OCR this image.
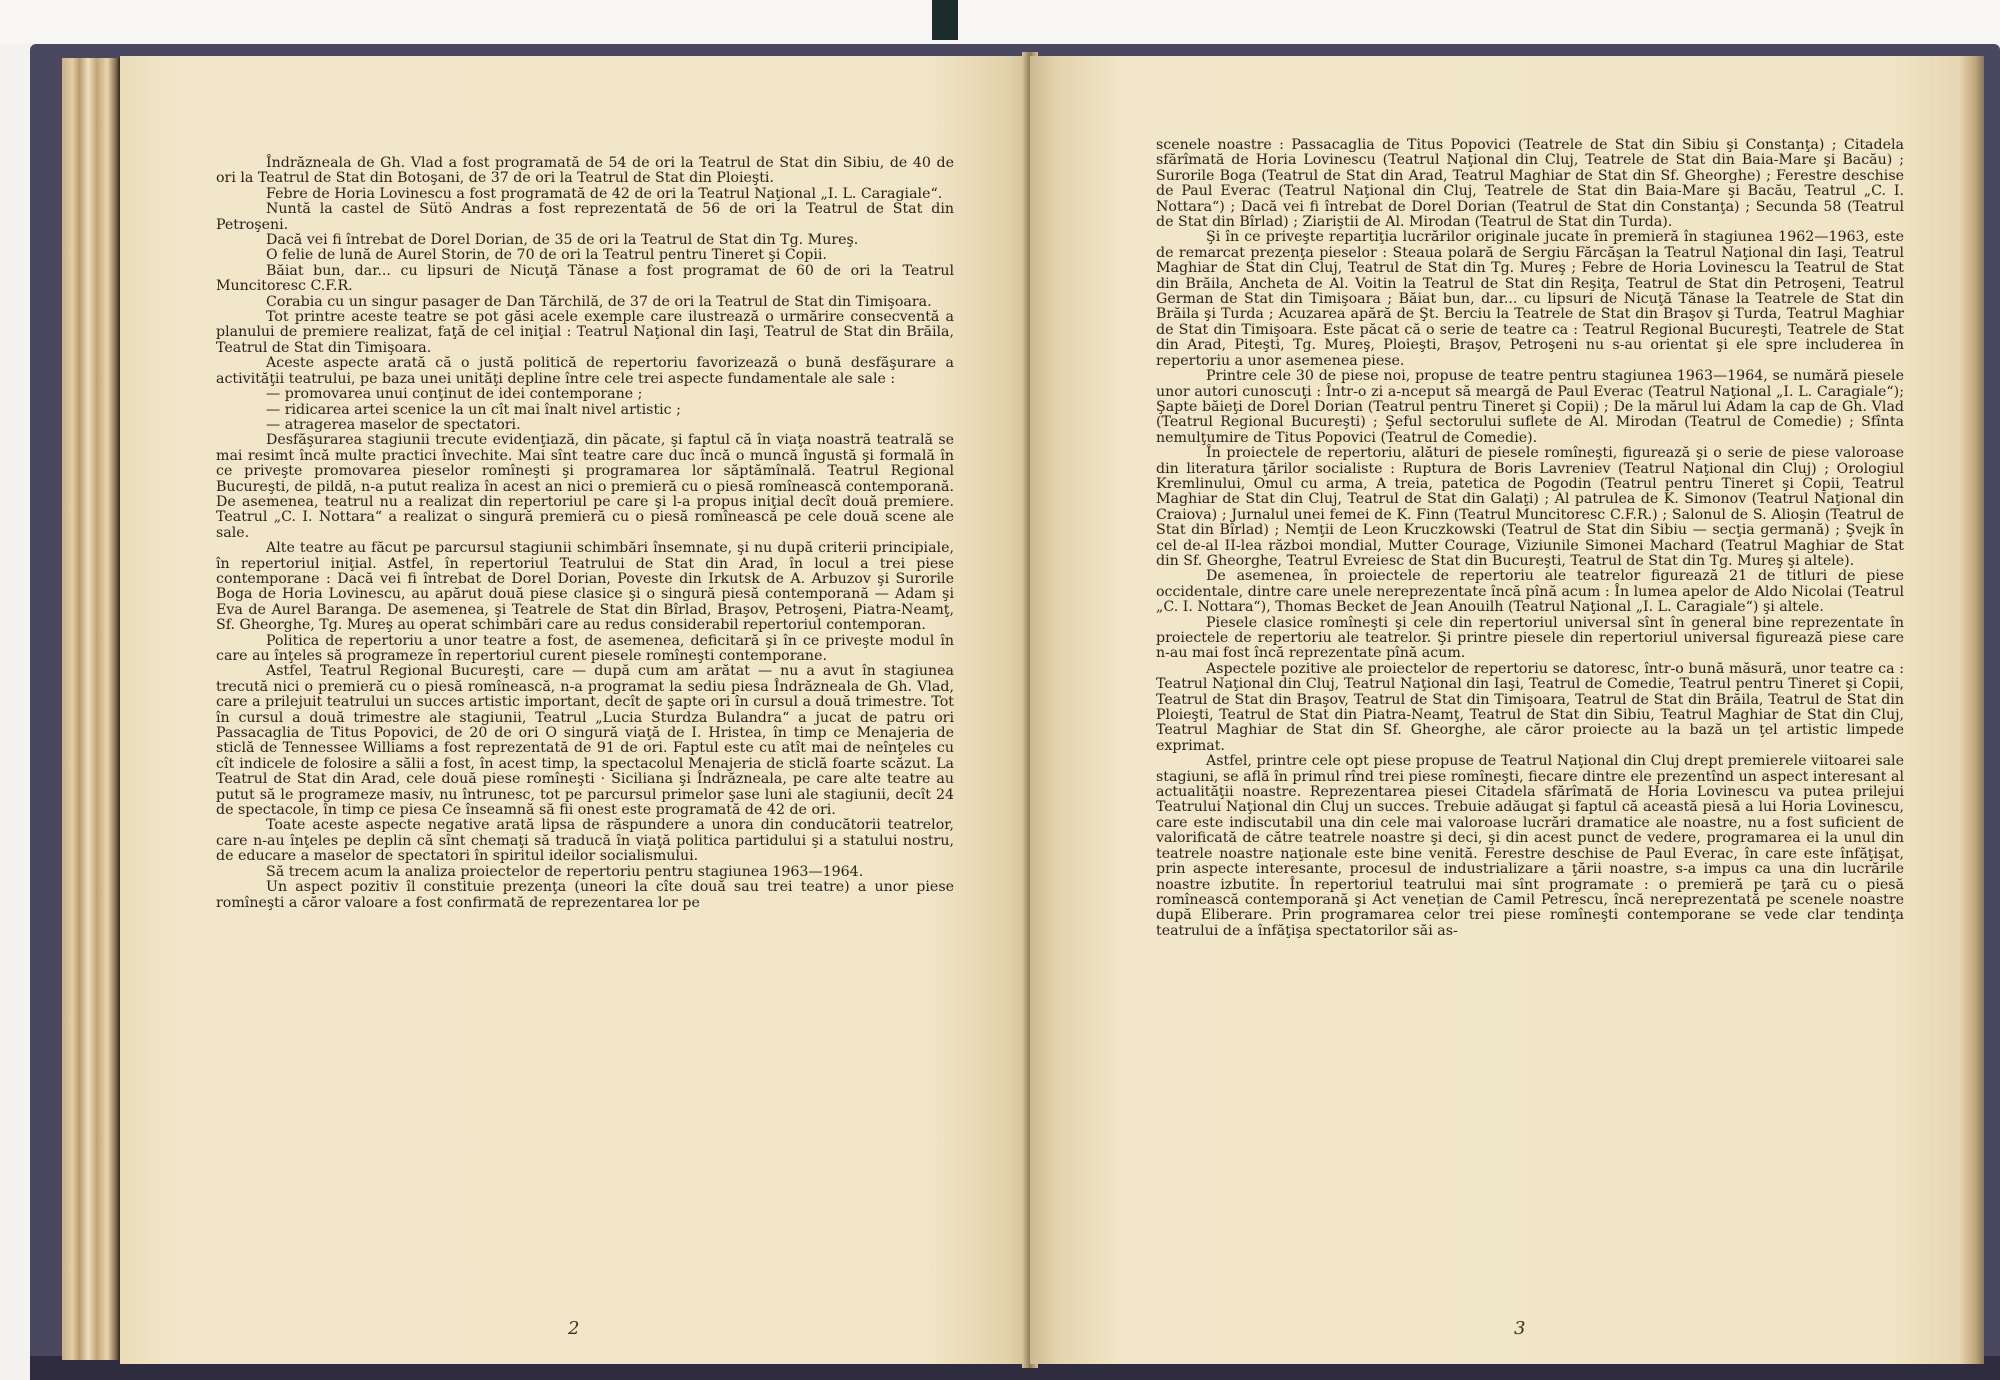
Îndrăzneala de Gh. Vlad a fost programată de 54 de ori la Teatrul de Stat din Sibiu, de 40 de ori la Teatrul de Stat din Botoşani, de 37 de ori la Teatrul de Stat din Ploieşti.

Febre de Horia Lovinescu a fost programată de 42 de ori la Teatrul Naţional „I. L. Caragiale“.

Nuntă la castel de Sütö Andras a fost reprezentată de 56 de ori la Teatrul de Stat din Petroşeni.

Dacă vei fi întrebat de Dorel Dorian, de 35 de ori la Teatrul de Stat din Tg. Mureş.

O felie de lună de Aurel Storin, de 70 de ori la Teatrul pentru Tineret şi Copii.

Băiat bun, dar... cu lipsuri de Nicuţă Tănase a fost programat de 60 de ori la Teatrul Muncitoresc C.F.R.

Corabia cu un singur pasager de Dan Tărchilă, de 37 de ori la Teatrul de Stat din Timişoara.

Tot printre aceste teatre se pot găsi acele exemple care ilustrează o urmărire consecventă a planului de premiere realizat, faţă de cel iniţial : Teatrul Naţional din Iaşi, Teatrul de Stat din Brăila, Teatrul de Stat din Timişoara.

Aceste aspecte arată că o justă politică de repertoriu favorizează o bună desfăşurare a activităţii teatrului, pe baza unei unităţi depline între cele trei aspecte fundamentale ale sale :

— promovarea unui conţinut de idei contemporane ;

— ridicarea artei scenice la un cît mai înalt nivel artistic ;

— atragerea maselor de spectatori.

Desfăşurarea stagiunii trecute evidenţiază, din păcate, şi faptul că în viaţa noastră teatrală se mai resimt încă multe practici învechite. Mai sînt teatre care duc încă o muncă îngustă şi formală în ce priveşte promovarea pieselor romîneşti şi programarea lor săptămînală. Teatrul Regional Bucureşti, de pildă, n-a putut realiza în acest an nici o premieră cu o piesă romînească contemporană. De asemenea, teatrul nu a realizat din repertoriul pe care şi l-a propus iniţial decît două premiere. Teatrul „C. I. Nottara“ a realizat o singură premieră cu o piesă romînească pe cele două scene ale sale.

Alte teatre au făcut pe parcursul stagiunii schimbări însemnate, şi nu după criterii principiale, în repertoriul iniţial. Astfel, în repertoriul Teatrului de Stat din Arad, în locul a trei piese contemporane : Dacă vei fi întrebat de Dorel Dorian, Poveste din Irkutsk de A. Arbuzov şi Surorile Boga de Horia Lovinescu, au apărut două piese clasice şi o singură piesă contemporană — Adam şi Eva de Aurel Baranga. De asemenea, şi Teatrele de Stat din Bîrlad, Braşov, Petroşeni, Piatra-Neamţ, Sf. Gheorghe, Tg. Mureş au operat schimbări care au redus considerabil repertoriul contemporan.

Politica de repertoriu a unor teatre a fost, de asemenea, deficitară şi în ce priveşte modul în care au înţeles să programeze în repertoriul curent piesele romîneşti contemporane.

Astfel, Teatrul Regional Bucureşti, care — după cum am arătat — nu a avut în stagiunea trecută nici o premieră cu o piesă romînească, n-a programat la sediu piesa Îndrăzneala de Gh. Vlad, care a prilejuit teatrului un succes artistic important, decît de şapte ori în cursul a două trimestre. Tot în cursul a două trimestre ale stagiunii, Teatrul „Lucia Sturdza Bulandra“ a jucat de patru ori Passacaglia de Titus Popovici, de 20 de ori O singură viaţă de I. Hristea, în timp ce Menajeria de sticlă de Tennessee Williams a fost reprezentată de 91 de ori. Faptul este cu atît mai de neînţeles cu cît indicele de folosire a sălii a fost, în acest timp, la spectacolul Menajeria de sticlă foarte scăzut. La Teatrul de Stat din Arad, cele două piese romîneşti · Siciliana şi Îndrăzneala, pe care alte teatre au putut să le programeze masiv, nu întrunesc, tot pe parcursul primelor şase luni ale stagiunii, decît 24 de spectacole, în timp ce piesa Ce înseamnă să fii onest este programată de 42 de ori.

Toate aceste aspecte negative arată lipsa de răspundere a unora din conducătorii teatrelor, care n-au înţeles pe deplin că sînt chemaţi să traducă în viaţă politica partidului şi a statului nostru, de educare a maselor de spectatori în spiritul ideilor socialismului.

Să trecem acum la analiza proiectelor de repertoriu pentru stagiunea 1963—1964.

Un aspect pozitiv îl constituie prezenţa (uneori la cîte două sau trei teatre) a unor piese romîneşti a căror valoare a fost confirmată de reprezentarea lor pe

2

scenele noastre : Passacaglia de Titus Popovici (Teatrele de Stat din Sibiu şi Constanţa) ; Citadela sfărîmată de Horia Lovinescu (Teatrul Naţional din Cluj, Teatrele de Stat din Baia-Mare şi Bacău) ; Surorile Boga (Teatrul de Stat din Arad, Teatrul Maghiar de Stat din Sf. Gheorghe) ; Ferestre deschise de Paul Everac (Teatrul Naţional din Cluj, Teatrele de Stat din Baia-Mare şi Bacău, Teatrul „C. I. Nottara“) ; Dacă vei fi întrebat de Dorel Dorian (Teatrul de Stat din Constanţa) ; Secunda 58 (Teatrul de Stat din Bîrlad) ; Ziariştii de Al. Mirodan (Teatrul de Stat din Turda).

Şi în ce priveşte repartiţia lucrărilor originale jucate în premieră în stagiunea 1962—1963, este de remarcat prezenţa pieselor : Steaua polară de Sergiu Fărcăşan la Teatrul Naţional din Iaşi, Teatrul Maghiar de Stat din Cluj, Teatrul de Stat din Tg. Mureş ; Febre de Horia Lovinescu la Teatrul de Stat din Brăila, Ancheta de Al. Voitin la Teatrul de Stat din Reşiţa, Teatrul de Stat din Petroşeni, Teatrul German de Stat din Timişoara ; Băiat bun, dar... cu lipsuri de Nicuţă Tănase la Teatrele de Stat din Brăila şi Turda ; Acuzarea apără de Şt. Berciu la Teatrele de Stat din Braşov şi Turda, Teatrul Maghiar de Stat din Timişoara. Este păcat că o serie de teatre ca : Teatrul Regional Bucureşti, Teatrele de Stat din Arad, Piteşti, Tg. Mureş, Ploieşti, Braşov, Petroşeni nu s-au orientat şi ele spre includerea în repertoriu a unor asemenea piese.

Printre cele 30 de piese noi, propuse de teatre pentru stagiunea 1963—1964, se numără piesele unor autori cunoscuţi : Într-o zi a-nceput să meargă de Paul Everac (Teatrul Naţional „I. L. Caragiale“); Şapte băieţi de Dorel Dorian (Teatrul pentru Tineret şi Copii) ; De la mărul lui Adam la cap de Gh. Vlad (Teatrul Regional Bucureşti) ; Şeful sectorului suflete de Al. Mirodan (Teatrul de Comedie) ; Sfînta nemulţumire de Titus Popovici (Teatrul de Comedie).

În proiectele de repertoriu, alături de piesele romîneşti, figurează şi o serie de piese valoroase din literatura ţărilor socialiste : Ruptura de Boris Lavreniev (Teatrul Naţional din Cluj) ; Orologiul Kremlinului, Omul cu arma, A treia, patetica de Pogodin (Teatrul pentru Tineret şi Copii, Teatrul Maghiar de Stat din Cluj, Teatrul de Stat din Galaţi) ; Al patrulea de K. Simonov (Teatrul Naţional din Craiova) ; Jurnalul unei femei de K. Finn (Teatrul Muncitoresc C.F.R.) ; Salonul de S. Alioşin (Teatrul de Stat din Bîrlad) ; Nemţii de Leon Kruczkowski (Teatrul de Stat din Sibiu — secţia germană) ; Şvejk în cel de-al II-lea război mondial, Mutter Courage, Viziunile Simonei Machard (Teatrul Maghiar de Stat din Sf. Gheorghe, Teatrul Evreiesc de Stat din Bucureşti, Teatrul de Stat din Tg. Mureş şi altele).

De asemenea, în proiectele de repertoriu ale teatrelor figurează 21 de titluri de piese occidentale, dintre care unele nereprezentate încă pînă acum : În lumea apelor de Aldo Nicolai (Teatrul „C. I. Nottara“), Thomas Becket de Jean Anouilh (Teatrul Naţional „I. L. Caragiale“) şi altele.

Piesele clasice romîneşti şi cele din repertoriul universal sînt în general bine reprezentate în proiectele de repertoriu ale teatrelor. Şi printre piesele din repertoriul universal figurează piese care n-au mai fost încă reprezentate pînă acum.

Aspectele pozitive ale proiectelor de repertoriu se datoresc, într-o bună măsură, unor teatre ca : Teatrul Naţional din Cluj, Teatrul Naţional din Iaşi, Teatrul de Comedie, Teatrul pentru Tineret şi Copii, Teatrul de Stat din Braşov, Teatrul de Stat din Timişoara, Teatrul de Stat din Brăila, Teatrul de Stat din Ploieşti, Teatrul de Stat din Piatra-Neamţ, Teatrul de Stat din Sibiu, Teatrul Maghiar de Stat din Cluj, Teatrul Maghiar de Stat din Sf. Gheorghe, ale căror proiecte au la bază un ţel artistic limpede exprimat.

Astfel, printre cele opt piese propuse de Teatrul Naţional din Cluj drept premierele viitoarei sale stagiuni, se află în primul rînd trei piese romîneşti, fiecare dintre ele prezentînd un aspect interesant al actualităţii noastre. Reprezentarea piesei Citadela sfărîmată de Horia Lovinescu va putea prilejui Teatrului Naţional din Cluj un succes. Trebuie adăugat şi faptul că această piesă a lui Horia Lovinescu, care este indiscutabil una din cele mai valoroase lucrări dramatice ale noastre, nu a fost suficient de valorificată de către teatrele noastre şi deci, şi din acest punct de vedere, programarea ei la unul din teatrele noastre naţionale este bine venită. Ferestre deschise de Paul Everac, în care este înfăţişat, prin aspecte interesante, procesul de industrializare a ţării noastre, s-a impus ca una din lucrările noastre izbutite. În repertoriul teatrului mai sînt programate : o premieră pe ţară cu o piesă romînească contemporană şi Act venețian de Camil Petrescu, încă nereprezentată pe scenele noastre după Eliberare. Prin programarea celor trei piese romîneşti contemporane se vede clar tendinţa teatrului de a înfăţişa spectatorilor săi as-

3
